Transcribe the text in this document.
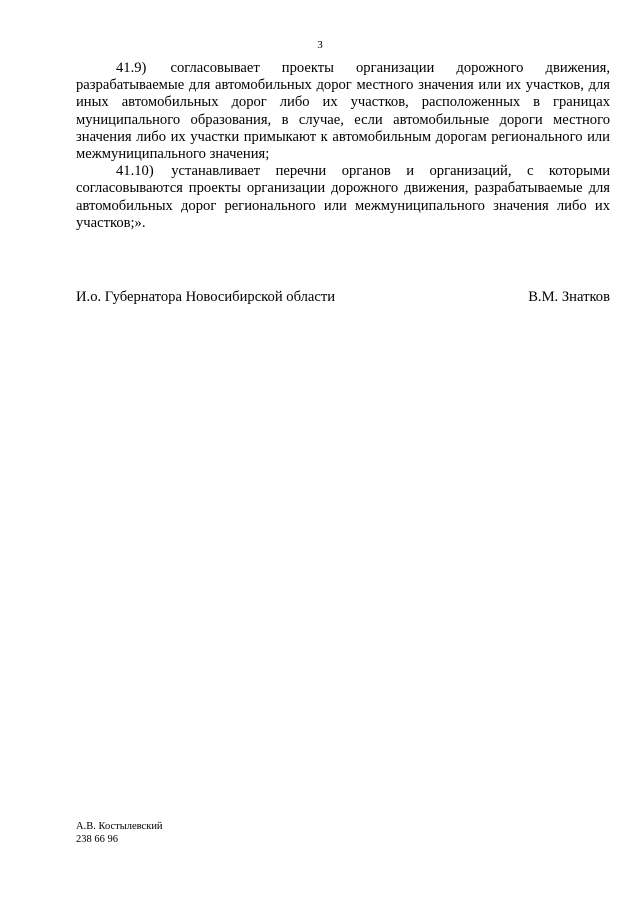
3

41.9) согласовывает проекты организации дорожного движения, разрабатываемые для автомобильных дорог местного значения или их участков, для иных автомобильных дорог либо их участков, расположенных в границах муниципального образования, в случае, если автомобильные дороги местного значения либо их участки примыкают к автомобильным дорогам регионального или межмуниципального значения;

41.10) устанавливает перечни органов и организаций, с которыми согласовываются проекты организации дорожного движения, разрабатываемые для автомобильных дорог регионального или межмуниципального значения либо их участков;».

И.о. Губернатора Новосибирской области	В.М. Знатков
А.В. Костылевский
238 66 96
